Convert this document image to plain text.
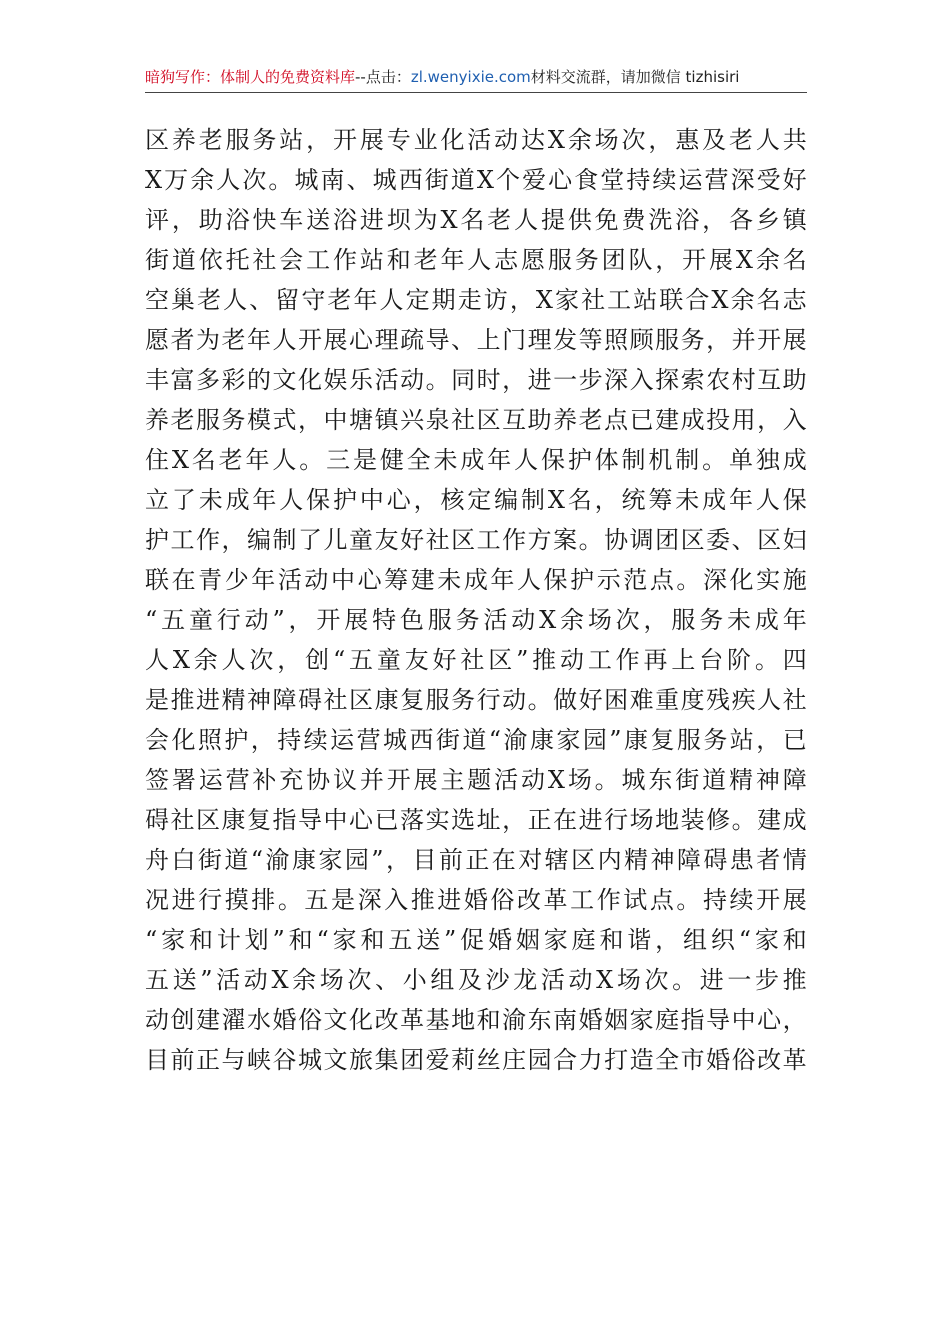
暗狗写作：体制人的免费资料库--点击：zl.wenyixie.com材料交流群，请加微信 tizhisiri
区养老服务站，开展专业化活动达X余场次，惠及老人共
X万余人次。城南、城西街道X个爱心食堂持续运营深受好
评，助浴快车送浴进坝为X名老人提供免费洗浴，各乡镇
街道依托社会工作站和老年人志愿服务团队，开展X余名
空巢老人、留守老年人定期走访，X家社工站联合X余名志
愿者为老年人开展心理疏导、上门理发等照顾服务，并开展
丰富多彩的文化娱乐活动。同时，进一步深入探索农村互助
养老服务模式，中塘镇兴泉社区互助养老点已建成投用，入
住X名老年人。三是健全未成年人保护体制机制。单独成
立了未成年人保护中心，核定编制X名，统筹未成年人保
护工作，编制了儿童友好社区工作方案。协调团区委、区妇
联在青少年活动中心筹建未成年人保护示范点。深化实施
“五童行动”，开展特色服务活动X余场次，服务未成年
人X余人次，创“五童友好社区”推动工作再上台阶。四
是推进精神障碍社区康复服务行动。做好困难重度残疾人社
会化照护，持续运营城西街道“渝康家园”康复服务站，已
签署运营补充协议并开展主题活动X场。城东街道精神障
碍社区康复指导中心已落实选址，正在进行场地装修。建成
舟白街道“渝康家园”，目前正在对辖区内精神障碍患者情
况进行摸排。五是深入推进婚俗改革工作试点。持续开展
“家和计划”和“家和五送”促婚姻家庭和谐，组织“家和
五送”活动X余场次、小组及沙龙活动X场次。进一步推
动创建濯水婚俗文化改革基地和渝东南婚姻家庭指导中心，
目前正与峡谷城文旅集团爱莉丝庄园合力打造全市婚俗改革
